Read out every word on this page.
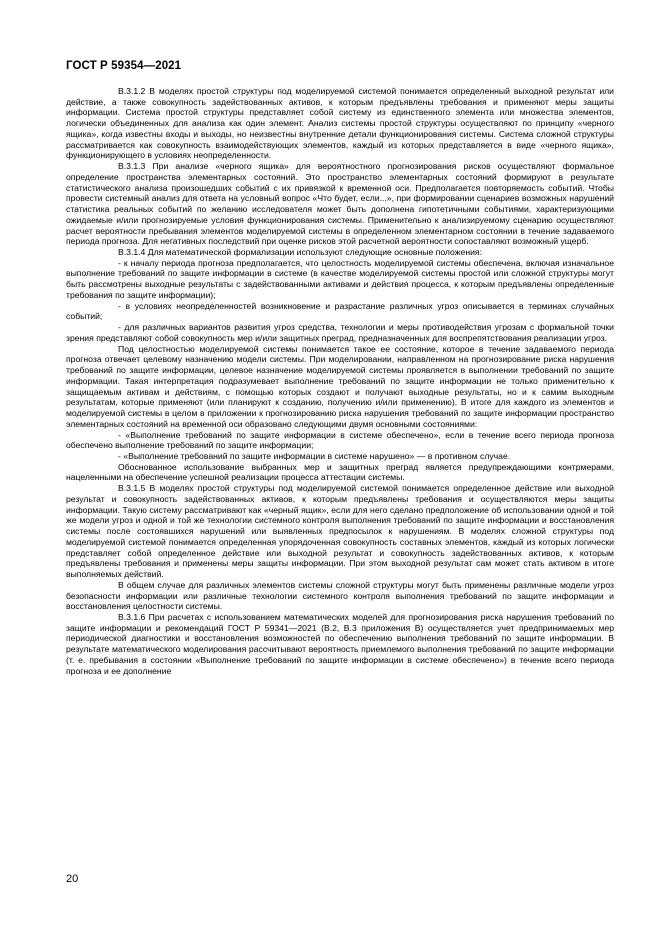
ГОСТ Р 59354—2021

В.3.1.2 В моделях простой структуры под моделируемой системой понимается определенный выходной результат или действие, а также совокупность задействованных активов, к которым предъявлены требования и применяют меры защиты информации. Система простой структуры представляет собой систему из единственного элемента или множества элементов, логически объединенных для анализа как один элемент. Анализ системы простой структуры осуществляют по принципу «черного ящика», когда известны входы и выходы, но неизвестны внутренние детали функционирования системы. Система сложной структуры рассматривается как совокупность взаимодействующих элементов, каждый из которых представляется в виде «черного ящика», функционирующего в условиях неопределенности.

В.3.1.3 При анализе «черного ящика» для вероятностного прогнозирования рисков осуществляют формальное определение пространства элементарных состояний. Это пространство элементарных состояний формируют в результате статистического анализа произошедших событий с их привязкой к временной оси. Предполагается повторяемость событий. Чтобы провести системный анализ для ответа на условный вопрос «Что будет, если...», при формировании сценариев возможных нарушений статистика реальных событий по желанию исследователя может быть дополнена гипотетичными событиями, характеризующими ожидаемые и/или прогнозируемые условия функционирования системы. Применительно к анализируемому сценарию осуществляют расчет вероятности пребывания элементов моделируемой системы в определенном элементарном состоянии в течение задаваемого периода прогноза. Для негативных последствий при оценке рисков этой расчетной вероятности сопоставляют возможный ущерб.

В.3.1.4 Для математической формализации используют следующие основные положения:

- к началу периода прогноза предполагается, что целостность моделируемой системы обеспечена, включая изначальное выполнение требований по защите информации в системе (в качестве моделируемой системы простой или сложной структуры могут быть рассмотрены выходные результаты с задействованными активами и действия процесса, к которым предъявлены определенные требования по защите информации);

- в условиях неопределенностей возникновение и разрастание различных угроз описывается в терминах случайных событий;

- для различных вариантов развития угроз средства, технологии и меры противодействия угрозам с формальной точки зрения представляют собой совокупность мер и/или защитных преград, предназначенных для воспрепятствования реализации угроз.

Под целостностью моделируемой системы понимается такое ее состояние, которое в течение задаваемого периода прогноза отвечает целевому назначению модели системы. При моделировании, направленном на прогнозирование риска нарушения требований по защите информации, целевое назначение моделируемой системы проявляется в выполнении требований по защите информации. Такая интерпретация подразумевает выполнение требований по защите информации не только применительно к защищаемым активам и действиям, с помощью которых создают и получают выходные результаты, но и к самим выходным результатам, которые применяют (или планируют к созданию, получению и/или применению). В итоге для каждого из элементов и моделируемой системы в целом в приложении к прогнозированию риска нарушения требований по защите информации пространство элементарных состояний на временной оси образовано следующими двумя основными состояниями:

- «Выполнение требований по защите информации в системе обеспечено», если в течение всего периода прогноза обеспечено выполнение требований по защите информации;

- «Выполнение требований по защите информации в системе нарушено» — в противном случае.

Обоснованное использование выбранных мер и защитных преград является предупреждающими контрмерами, нацеленными на обеспечение успешной реализации процесса аттестации системы.

В.3.1.5 В моделях простой структуры под моделируемой системой понимается определенное действие или выходной результат и совокупность задействованных активов, к которым предъявлены требования и осуществляются меры защиты информации. Такую систему рассматривают как «черный ящик», если для него сделано предположение об использовании одной и той же модели угроз и одной и той же технологии системного контроля выполнения требований по защите информации и восстановления системы после состоявшихся нарушений или выявленных предпосылок к нарушениям. В моделях сложной структуры под моделируемой системой понимается определенная упорядоченная совокупность составных элементов, каждый из которых логически представляет собой определенное действие или выходной результат и совокупность задействованных активов, к которым предъявлены требования и применены меры защиты информации. При этом выходной результат сам может стать активом в итоге выполняемых действий.

В общем случае для различных элементов системы сложной структуры могут быть применены различные модели угроз безопасности информации или различные технологии системного контроля выполнения требований по защите информации и восстановления целостности системы.

В.3.1.6 При расчетах с использованием математических моделей для прогнозирования риска нарушения требований по защите информации и рекомендаций ГОСТ Р 59341—2021 (В.2, В.3 приложения В) осуществляется учет предпринимаемых мер периодической диагностики и восстановления возможностей по обеспечению выполнения требований по защите информации. В результате математического моделирования рассчитывают вероятность приемлемого выполнения требований по защите информации (т. е. пребывания в состоянии «Выполнение требований по защите информации в системе обеспечено») в течение всего периода прогноза и ее дополнение

20
